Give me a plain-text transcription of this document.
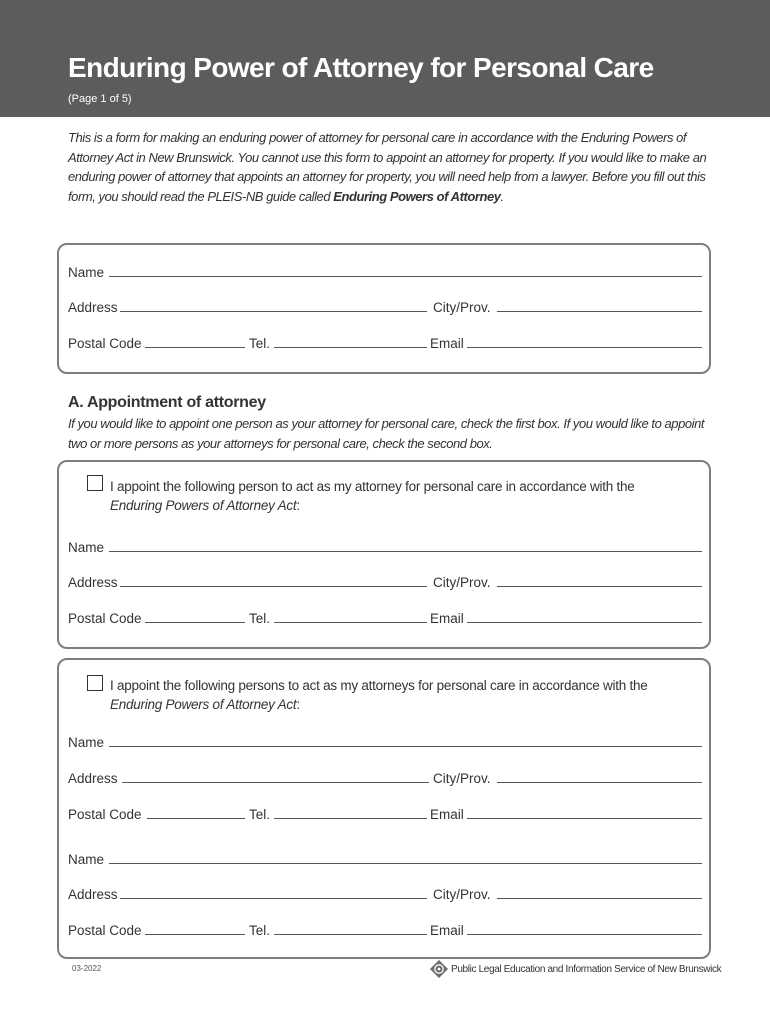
Enduring Power of Attorney for Personal Care
(Page 1 of 5)

This is a form for making an enduring power of attorney for personal care in accordance with the Enduring Powers of Attorney Act in New Brunswick. You cannot use this form to appoint an attorney for property. If you would like to make an enduring power of attorney that appoints an attorney for property, you will need help from a lawyer. Before you fill out this form, you should read the PLEIS-NB guide called Enduring Powers of Attorney.

Name
Address	City/Prov.
Postal Code	Tel.	Email
A. Appointment of attorney

If you would like to appoint one person as your attorney for personal care, check the first box. If you would like to appoint two or more persons as your attorneys for personal care, check the second box.

I appoint the following person to act as my attorney for personal care in accordance with the Enduring Powers of Attorney Act:
Name
Address	City/Prov.
Postal Code	Tel.	Email
I appoint the following persons to act as my attorneys for personal care in accordance with the Enduring Powers of Attorney Act:
Name
Address	City/Prov.
Postal Code	Tel.	Email
Name
Address	City/Prov.
Postal Code	Tel.	Email
03-2022	Public Legal Education and Information Service of New Brunswick
